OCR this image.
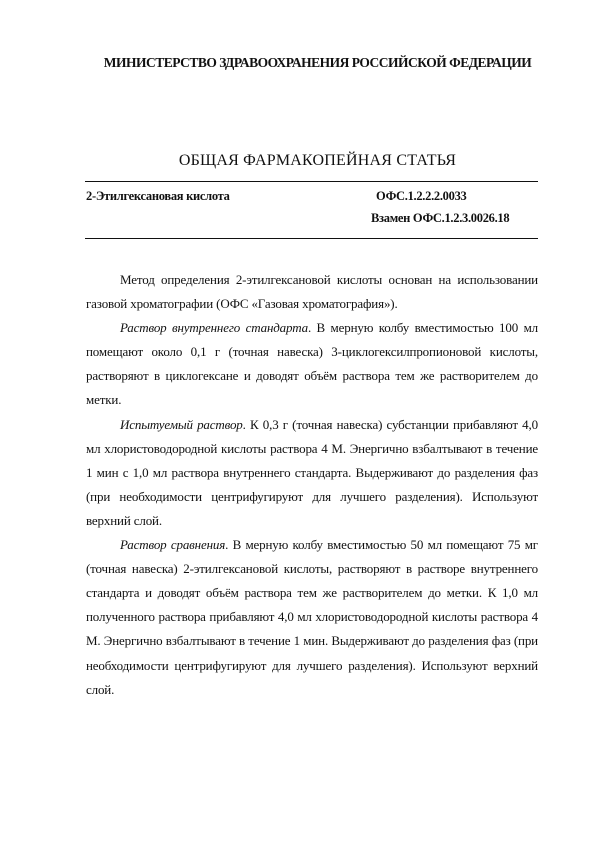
МИНИСТЕРСТВО ЗДРАВООХРАНЕНИЯ РОССИЙСКОЙ ФЕДЕРАЦИИ
ОБЩАЯ ФАРМАКОПЕЙНАЯ СТАТЬЯ
2-Этилгексановая кислота	ОФС.1.2.2.2.0033
Взамен ОФС.1.2.3.0026.18

Метод определения 2-этилгексановой кислоты основан на использовании газовой хроматографии (ОФС «Газовая хроматография»).

Раствор внутреннего стандарта. В мерную колбу вместимостью 100 мл помещают около 0,1 г (точная навеска) 3-циклогексилпропионовой кислоты, растворяют в циклогексане и доводят объём раствора тем же растворителем до метки.

Испытуемый раствор. К 0,3 г (точная навеска) субстанции прибавляют 4,0 мл хлористоводородной кислоты раствора 4 М. Энергично взбалтывают в течение 1 мин с 1,0 мл раствора внутреннего стандарта. Выдерживают до разделения фаз (при необходимости центрифугируют для лучшего разделения). Используют верхний слой.

Раствор сравнения. В мерную колбу вместимостью 50 мл помещают 75 мг (точная навеска) 2-этилгексановой кислоты, растворяют в растворе внутреннего стандарта и доводят объём раствора тем же растворителем до метки. К 1,0 мл полученного раствора прибавляют 4,0 мл хлористоводородной кислоты раствора 4 М. Энергично взбалтывают в течение 1 мин. Выдерживают до разделения фаз (при необходимости центрифугируют для лучшего разделения). Используют верхний слой.
